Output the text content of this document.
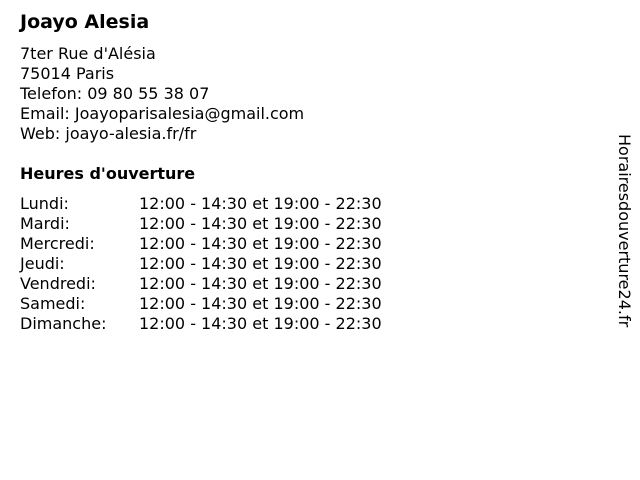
Joayo Alesia
7ter Rue d'Alésia
75014 Paris
Telefon: 09 80 55 38 07
Email: Joayoparisalesia@gmail.com
Web: joayo-alesia.fr/fr
Heures d'ouverture
Lundi:	12:00 - 14:30 et 19:00 - 22:30
Mardi:	12:00 - 14:30 et 19:00 - 22:30
Mercredi:	12:00 - 14:30 et 19:00 - 22:30
Jeudi:	12:00 - 14:30 et 19:00 - 22:30
Vendredi:	12:00 - 14:30 et 19:00 - 22:30
Samedi:	12:00 - 14:30 et 19:00 - 22:30
Dimanche:	12:00 - 14:30 et 19:00 - 22:30	Horairesdouverture24.fr
